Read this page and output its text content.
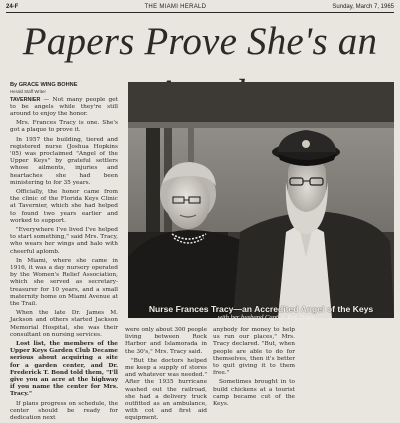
24-F	THE MIAMI HERALD	Sunday, March 7, 1965
Papers Prove She's an
By GRACE WING BOHNE
Herald Staff Writer

TAVERNIER — Not many people get to be angels while they're still around to enjoy the honor.

Mrs. Frances Tracy is one. She's got a plaque to prove it.

In 1957 the building, tiered and registered nurse (Joshua Hopkins '05) was proclaimed "Angel of the Upper Keys" by grateful settlers whose ailments, injuries and heartaches she had been ministering to for 35 years.

Officially, the honor came from the clinic of the Florida Keys Clinic at Tavernier, which she had helped to found two years earlier and worked to support.

"Everywhere I've lived I've helped to start something," said Mrs. Tracy, who wears her wings and halo with cheerful aplomb.

In Miami, where she came in 1916, it was a day nursery operated by the Women's Relief Association, which she served as secretary-treasurer for 10 years, and a small maternity home on Miami Avenue at the Trail.

When the late Dr. James M. Jackson and others started Jackson Memorial Hospital, she was their consultant on nursing services.

Lost list, the members of the Upper Keys Garden Club Decame serious about acquiring a site for a garden center, and Dr. Frederick T. Bond told them, "I'll give you an acre at the highway if you name the center for Mrs. Tracy."

If plans progress on schedule, the center should be ready for dedication next

Nurse Frances Tracy—an Accredited Angel of the Keys
. . . with her husband Capt. J. Roy Tracy

were only about 300 people living between Rock Harbor and Islamorada in the 30's," Mrs. Tracy said.

"But the doctors helped me keep a supply of stores and whatever was needed." After the 1935 hurricane washed out the railroad, she had a delivery truck outfitted as an ambulance, with cot and first aid equipment.

anybody for money to help us run our places," Mrs. Tracy declared. "But, when people are able to do for themselves, then it's better to quit giving it to them free."

Sometimes brought in to build chickens at a tourist camp became cut of the Keys.
